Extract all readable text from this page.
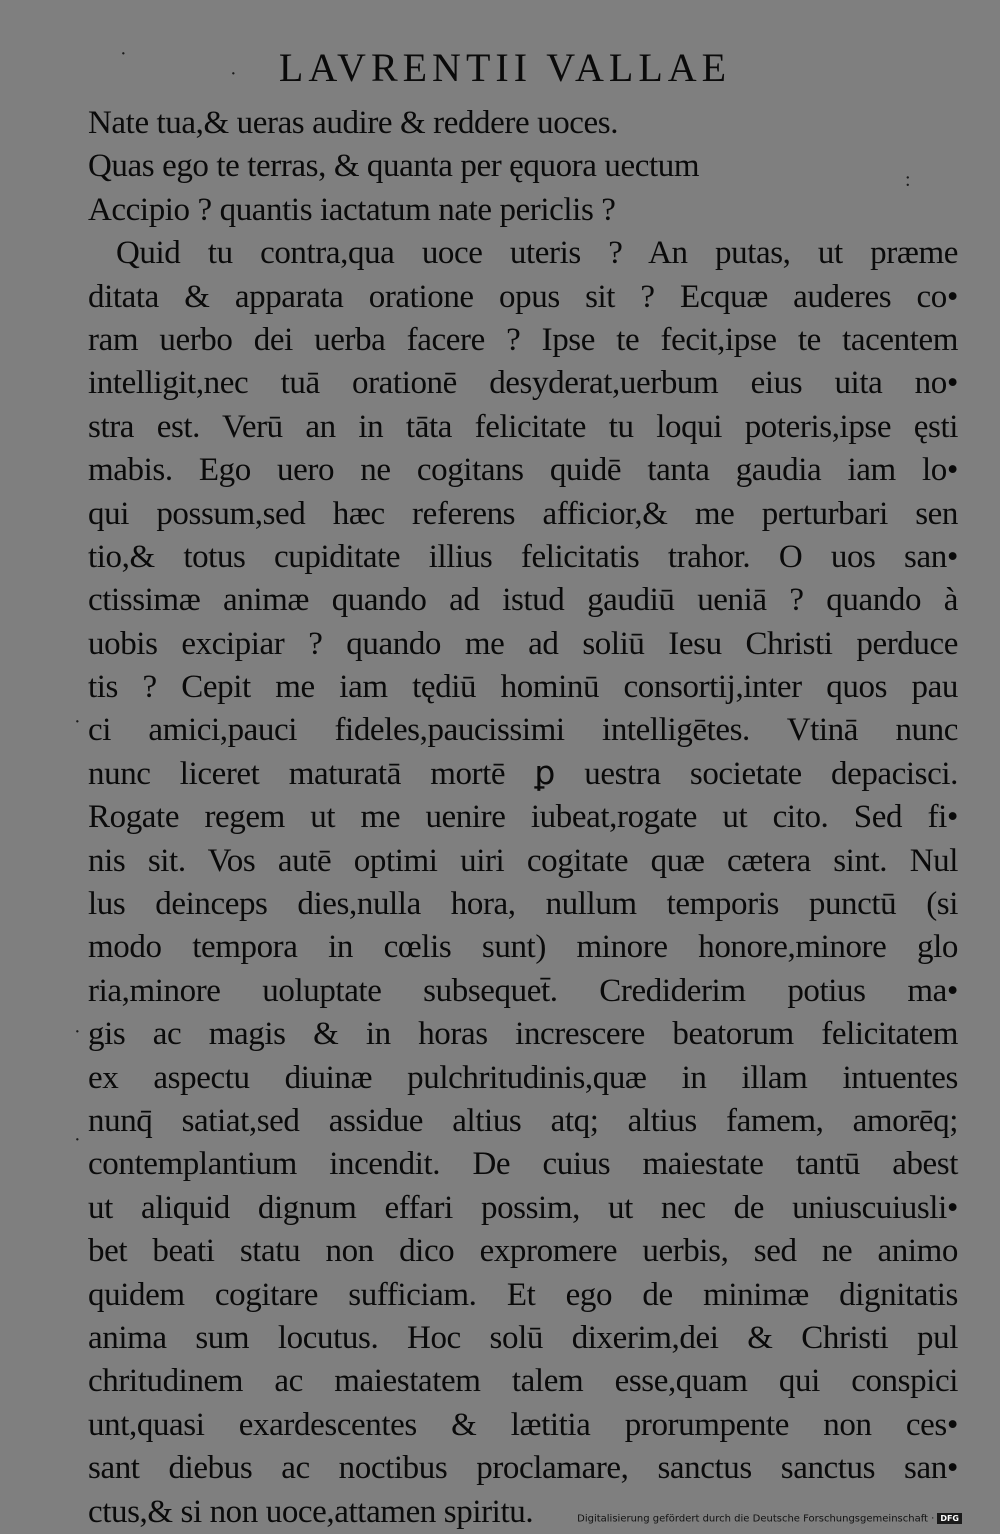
LAVRENTII VALLAE
·
·
:
·
·
·
Nate tua,& ueras audire & reddere uoces.
Quas ego te terras, & quanta per ęquora uectum
Accipio ? quantis iactatum nate periclis ?
Quid tu contra,qua uoce uteris ? An putas, ut præme
ditata & apparata oratione opus sit ? Ecquæ auderes co•
ram uerbo dei uerba facere ? Ipse te fecit,ipse te tacentem
intelligit,nec tuā orationē desyderat,uerbum eius uita no•
stra est. Verū an in tāta felicitate tu loqui poteris,ipse ęsti
mabis. Ego uero ne cogitans quidē tanta gaudia iam lo•
qui possum,sed hæc referens afficior,& me perturbari sen
tio,& totus cupiditate illius felicitatis trahor. O uos san•
ctissimæ animæ quando ad istud gaudiū ueniā ? quando à
uobis excipiar ? quando me ad soliū Iesu Christi perduce
tis ? Cepit me iam tędiū hominū consortij,inter quos pau
ci amici,pauci fideles,paucissimi intelligētes. Vtinā nunc
nunc liceret maturatā mortē ꝑ uestra societate depacisci.
Rogate regem ut me uenire iubeat,rogate ut cito. Sed fi•
nis sit. Vos autē optimi uiri cogitate quæ cætera sint. Nul
lus deinceps dies,nulla hora, nullum temporis punctū (si
modo tempora in cœlis sunt) minore honore,minore glo
ria,minore uoluptate subsequet̄. Crediderim potius ma•
gis ac magis & in horas increscere beatorum felicitatem
ex aspectu diuinæ pulchritudinis,quæ in illam intuentes
nunq̄ satiat,sed assidue altius atq; altius famem, amorēq;
contemplantium incendit. De cuius maiestate tantū abest
ut aliquid dignum effari possim, ut nec de uniuscuiusli•
bet beati statu non dico expromere uerbis, sed ne animo
quidem cogitare sufficiam. Et ego de minimæ dignitatis
anima sum locutus. Hoc solū dixerim,dei & Christi pul
chritudinem ac maiestatem talem esse,quam qui conspici
unt,quasi exardescentes & lætitia prorumpente non ces•
sant diebus ac noctibus proclamare, sanctus sanctus san•
ctus,& si non uoce,attamen spiritu.	Digitalisierung gefördert durch die Deutsche Forschungsgemeinschaft · DFG
